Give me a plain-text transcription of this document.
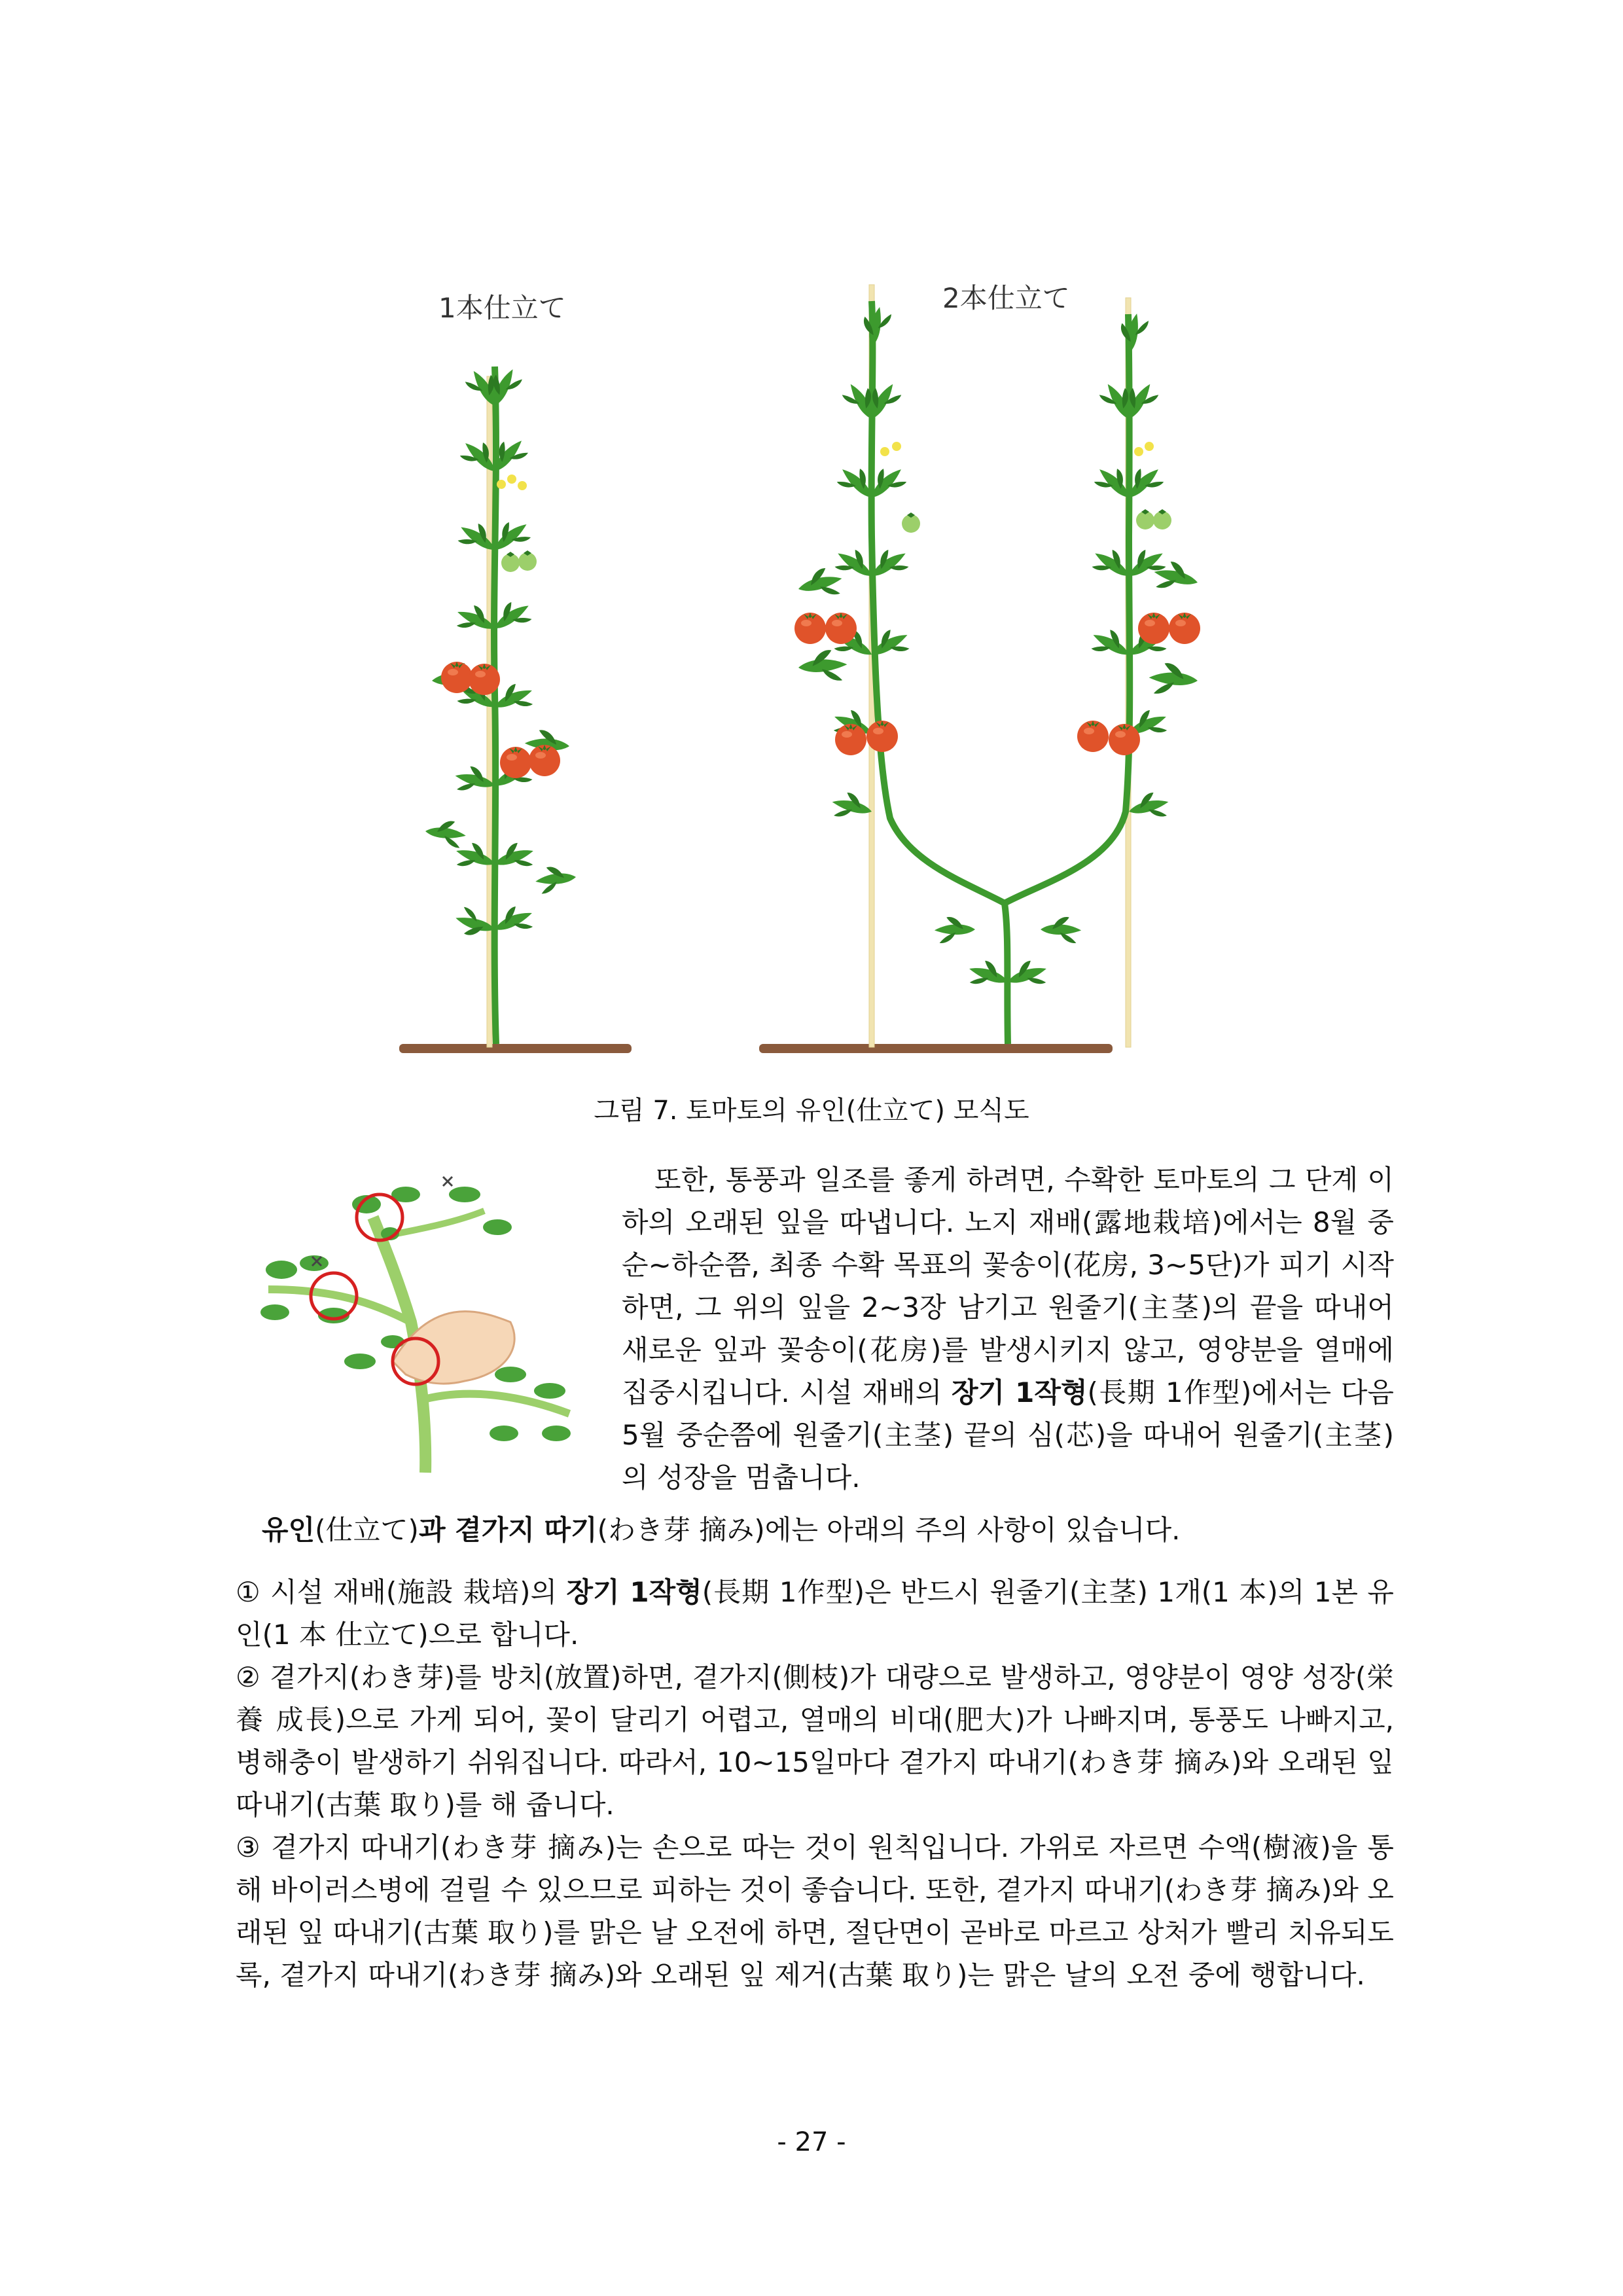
1本仕立て	2本仕立て
그림 7. 토마토의 유인(仕立て) 모식도
또한, 통풍과 일조를 좋게 하려면, 수확한 토마토의 그 단계 이하의 오래된 잎을 따냅니다. 노지 재배(露地栽培)에서는 8월 중순~하순쯤, 최종 수확 목표의 꽃송이(花房, 3~5단)가 피기 시작하면, 그 위의 잎을 2~3장 남기고 원줄기(主茎)의 끝을 따내어 새로운 잎과 꽃송이(花房)를 발생시키지 않고, 영양분을 열매에 집중시킵니다. 시설 재배의 장기 1작형(長期 1作型)에서는 다음 5월 중순쯤에 원줄기(主茎) 끝의 심(芯)을 따내어 원줄기(主茎)의 성장을 멈춥니다.
유인(仕立て)과 곁가지 따기(わき芽 摘み)에는 아래의 주의 사항이 있습니다.

① 시설 재배(施設 栽培)의 장기 1작형(長期 1作型)은 반드시 원줄기(主茎) 1개(1 本)의 1본 유인(1 本 仕立て)으로 합니다.

② 곁가지(わき芽)를 방치(放置)하면, 곁가지(側枝)가 대량으로 발생하고, 영양분이 영양 성장(栄養 成長)으로 가게 되어, 꽃이 달리기 어렵고, 열매의 비대(肥大)가 나빠지며, 통풍도 나빠지고, 병해충이 발생하기 쉬워집니다. 따라서, 10~15일마다 곁가지 따내기(わき芽 摘み)와 오래된 잎 따내기(古葉 取り)를 해 줍니다.

③ 곁가지 따내기(わき芽 摘み)는 손으로 따는 것이 원칙입니다. 가위로 자르면 수액(樹液)을 통해 바이러스병에 걸릴 수 있으므로 피하는 것이 좋습니다. 또한, 곁가지 따내기(わき芽 摘み)와 오래된 잎 따내기(古葉 取り)를 맑은 날 오전에 하면, 절단면이 곧바로 마르고 상처가 빨리 치유되도록, 곁가지 따내기(わき芽 摘み)와 오래된 잎 제거(古葉 取り)는 맑은 날의 오전 중에 행합니다.

- 27 -
